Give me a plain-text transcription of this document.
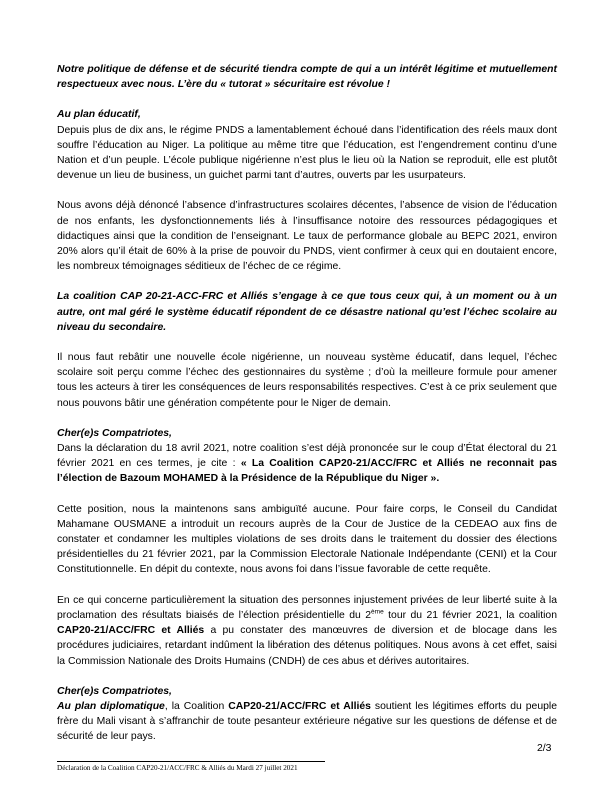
Notre politique de défense et de sécurité tiendra compte de qui a un intérêt légitime et mutuellement respectueux avec nous. L’ère du « tutorat » sécuritaire est révolue !

Au plan éducatif,

Depuis plus de dix ans, le régime PNDS a lamentablement échoué dans l’identification des réels maux dont souffre l’éducation au Niger. La politique au même titre que l’éducation, est l’engendrement continu d’une Nation et d’un peuple. L’école publique nigérienne n’est plus le lieu où la Nation se reproduit, elle est plutôt devenue un lieu de business, un guichet parmi tant d’autres, ouverts par les usurpateurs.

Nous avons déjà dénoncé l’absence d’infrastructures scolaires décentes, l’absence de vision de l’éducation de nos enfants, les dysfonctionnements liés à l’insuffisance notoire des ressources pédagogiques et didactiques ainsi que la condition de l’enseignant. Le taux de performance globale au BEPC 2021, environ 20% alors qu’il était de 60% à la prise de pouvoir du PNDS, vient confirmer à ceux qui en doutaient encore, les nombreux témoignages séditieux de l’échec de ce régime.

La coalition CAP 20-21-ACC-FRC et Alliés s’engage à ce que tous ceux qui, à un moment ou à un autre, ont mal géré le système éducatif répondent de ce désastre national qu’est l’échec scolaire au niveau du secondaire.

Il nous faut rebâtir une nouvelle école nigérienne, un nouveau système éducatif, dans lequel, l’échec scolaire soit perçu comme l’échec des gestionnaires du système ; d’où la meilleure formule pour amener tous les acteurs à tirer les conséquences de leurs responsabilités respectives. C’est à ce prix seulement que nous pouvons bâtir une génération compétente pour le Niger de demain.

Cher(e)s Compatriotes,

Dans la déclaration du 18 avril 2021, notre coalition s’est déjà prononcée sur le coup d’État électoral du 21 février 2021 en ces termes, je cite : « La Coalition CAP20-21/ACC/FRC et Alliés ne reconnait pas l’élection de Bazoum MOHAMED à la Présidence de la République du Niger ».

Cette position, nous la maintenons sans ambiguïté aucune. Pour faire corps, le Conseil du Candidat Mahamane OUSMANE a introduit un recours auprès de la Cour de Justice de la CEDEAO aux fins de constater et condamner les multiples violations de ses droits dans le traitement du dossier des élections présidentielles du 21 février 2021, par la Commission Electorale Nationale Indépendante (CENI) et la Cour Constitutionnelle. En dépit du contexte, nous avons foi dans l’issue favorable de cette requête.

En ce qui concerne particulièrement la situation des personnes injustement privées de leur liberté suite à la proclamation des résultats biaisés de l’élection présidentielle du 2ème tour du 21 février 2021, la coalition CAP20-21/ACC/FRC et Alliés a pu constater des manœuvres de diversion et de blocage dans les procédures judiciaires, retardant indûment la libération des détenus politiques. Nous avons à cet effet, saisi la Commission Nationale des Droits Humains (CNDH) de ces abus et dérives autoritaires.

Cher(e)s Compatriotes,

Au plan diplomatique, la Coalition CAP20-21/ACC/FRC et Alliés soutient les légitimes efforts du peuple frère du Mali visant à s’affranchir de toute pesanteur extérieure négative sur les questions de défense et de sécurité de leur pays.

2/3
Déclaration de la Coalition CAP20-21/ACC/FRC & Alliés du Mardi 27 juillet 2021
